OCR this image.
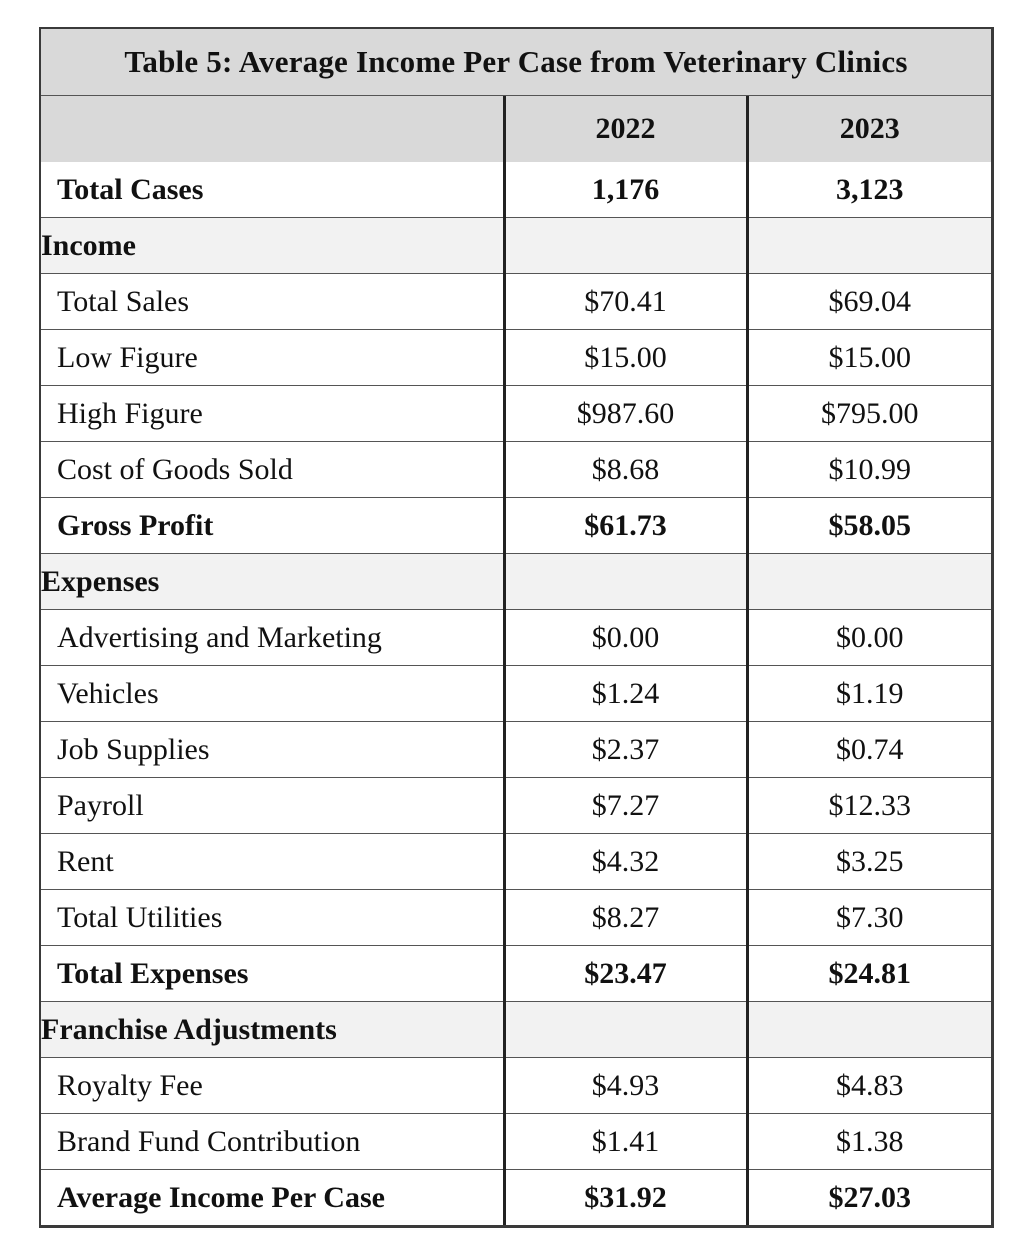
Table 5: Average Income Per Case from Veterinary Clinics
	2022	2023
Total Cases	1,176	3,123
Income		
Total Sales	$70.41	$69.04
Low Figure	$15.00	$15.00
High Figure	$987.60	$795.00
Cost of Goods Sold	$8.68	$10.99
Gross Profit	$61.73	$58.05
Expenses		
Advertising and Marketing	$0.00	$0.00
Vehicles	$1.24	$1.19
Job Supplies	$2.37	$0.74
Payroll	$7.27	$12.33
Rent	$4.32	$3.25
Total Utilities	$8.27	$7.30
Total Expenses	$23.47	$24.81
Franchise Adjustments		
Royalty Fee	$4.93	$4.83
Brand Fund Contribution	$1.41	$1.38
Average Income Per Case	$31.92	$27.03
